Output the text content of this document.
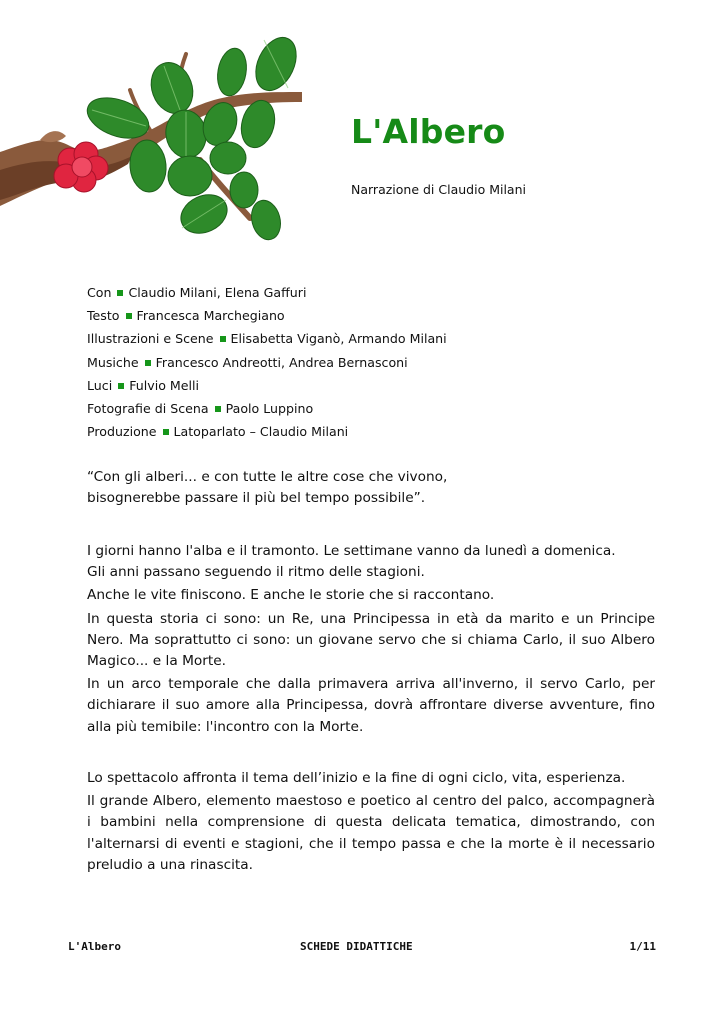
L'Albero
Narrazione di Claudio Milani
Con Claudio Milani, Elena Gaffuri
Testo Francesca Marchegiano
Illustrazioni e Scene Elisabetta Viganò, Armando Milani
Musiche Francesco Andreotti, Andrea Bernasconi
Luci Fulvio Melli
Fotografie di Scena Paolo Luppino
Produzione Latoparlato – Claudio Milani

“Con gli alberi... e con tutte le altre cose che vivono,

bisognerebbe passare il più bel tempo possibile”.

I giorni hanno l'alba e il tramonto. Le settimane vanno da lunedì a domenica.

Gli anni passano seguendo il ritmo delle stagioni.

Anche le vite finiscono. E anche le storie che si raccontano.

In questa storia ci sono: un Re, una Principessa in età da marito e un Principe Nero. Ma soprattutto ci sono: un giovane servo che si chiama Carlo, il suo Albero Magico... e la Morte.

In un arco temporale che dalla primavera arriva all'inverno, il servo Carlo, per dichiarare il suo amore alla Principessa, dovrà affrontare diverse avventure, fino alla più temibile: l'incontro con la Morte.

Lo spettacolo affronta il tema dell’inizio e la fine di ogni ciclo, vita, esperienza.

Il grande Albero, elemento maestoso e poetico al centro del palco, accompagnerà i bambini nella comprensione di questa delicata tematica, dimostrando, con l'alternarsi di eventi e stagioni, che il tempo passa e che la morte è il necessario preludio a una rinascita.

L'Albero	SCHEDE DIDATTICHE	1/11
